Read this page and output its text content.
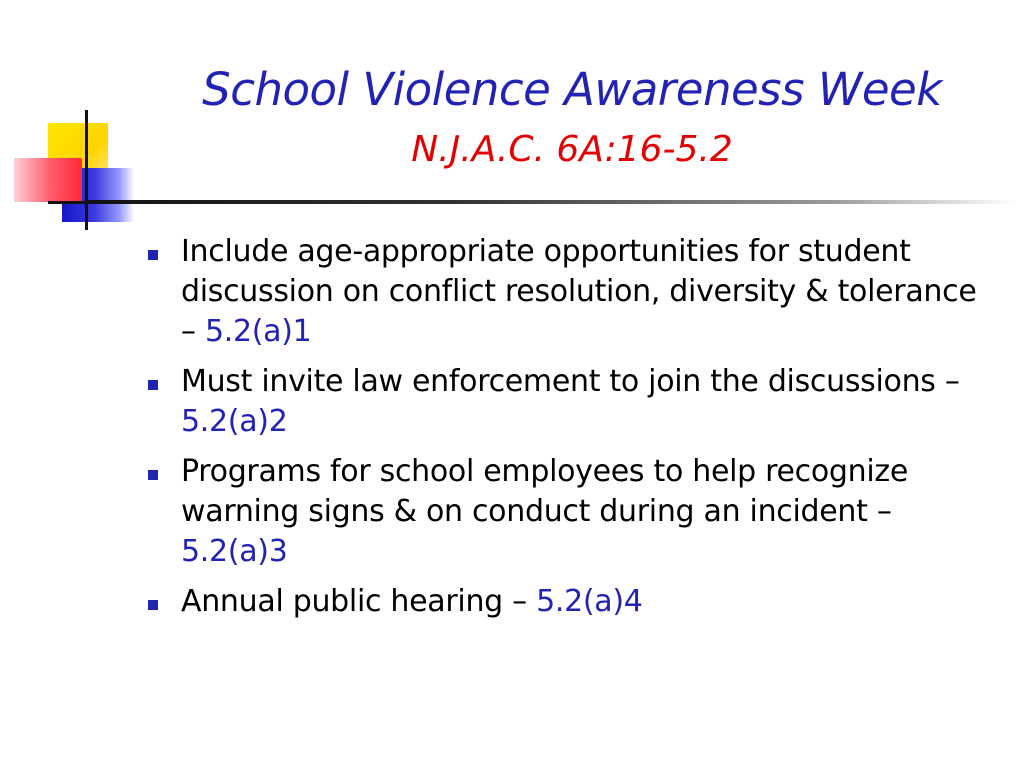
School Violence Awareness Week
N.J.A.C. 6A:16-5.2
Include age-appropriate opportunities for student discussion on conflict resolution, diversity & tolerance – 5.2(a)1
Must invite law enforcement to join the discussions – 5.2(a)2
Programs for school employees to help recognize warning signs & on conduct during an incident – 5.2(a)3
Annual public hearing – 5.2(a)4
